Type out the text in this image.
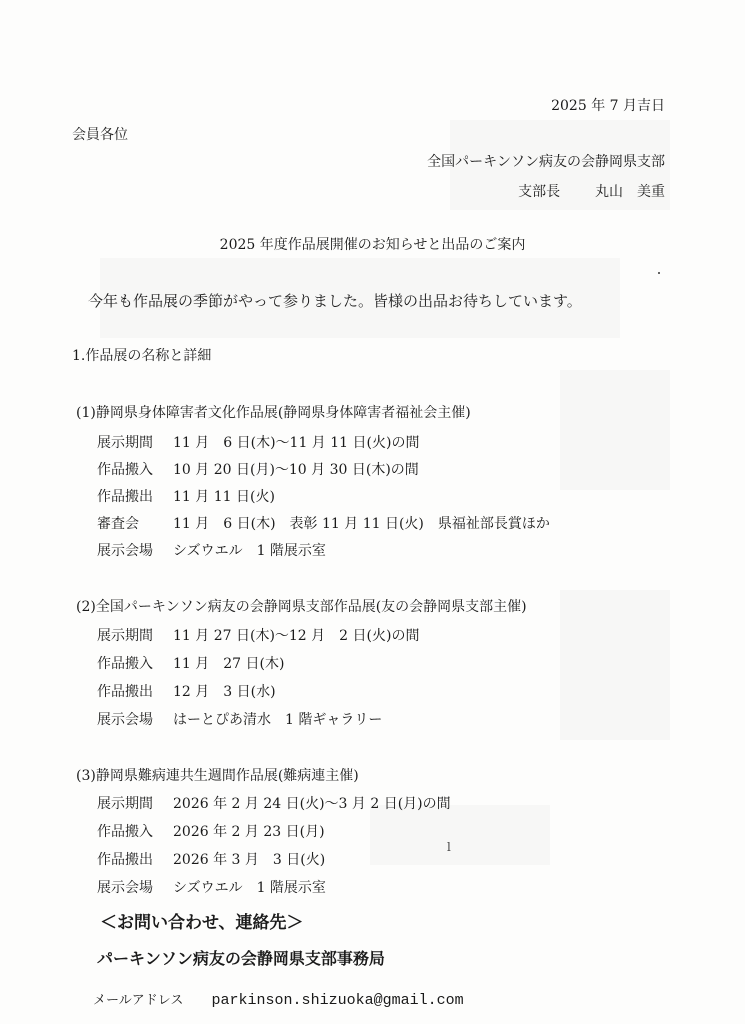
2025 年 7 月吉日
会員各位
全国パーキンソン病友の会静岡県支部
支部長 丸山　美重
2025 年度作品展開催のお知らせと出品のご案内
今年も作品展の季節がやって参りました。皆様の出品お待ちしています。
1.作品展の名称と詳細
(1)静岡県身体障害者文化作品展(静岡県身体障害者福祉会主催)
展示期間 11 月　6 日(木)～11 月 11 日(火)の間
作品搬入 10 月 20 日(月)～10 月 30 日(木)の間
作品搬出 11 月 11 日(火)
審査会 11 月　6 日(木)　表彰 11 月 11 日(火)　県福祉部長賞ほか
展示会場 シズウエル　1 階展示室
(2)全国パーキンソン病友の会静岡県支部作品展(友の会静岡県支部主催)
展示期間 11 月 27 日(木)～12 月　2 日(火)の間
作品搬入 11 月　27 日(木)
作品搬出 12 月　3 日(水)
展示会場 はーとぴあ清水　1 階ギャラリー
(3)静岡県難病連共生週間作品展(難病連主催)
展示期間 2026 年 2 月 24 日(火)～3 月 2 日(月)の間
作品搬入 2026 年 2 月 23 日(月)
作品搬出 2026 年 3 月　3 日(火)
展示会場 シズウエル　1 階展示室
l
＜お問い合わせ、連絡先＞
パーキンソン病友の会静岡県支部事務局
メールアドレス parkinson.shizuoka@gmail.com
